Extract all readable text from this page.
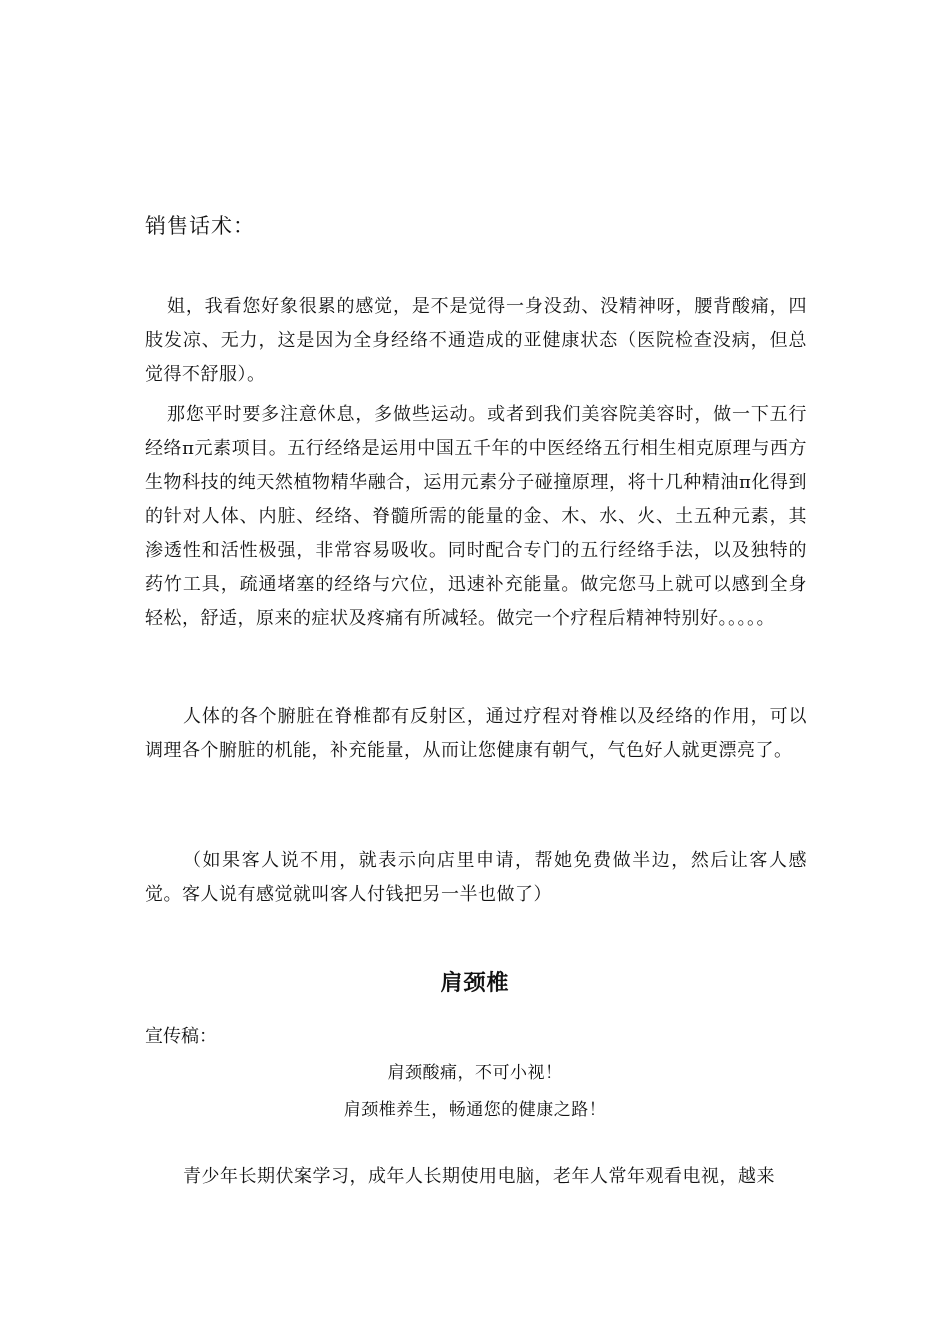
销售话术：

姐，我看您好象很累的感觉，是不是觉得一身没劲、没精神呀，腰背酸痛，四肢发凉、无力，这是因为全身经络不通造成的亚健康状态（医院检查没病，但总觉得不舒服）。

那您平时要多注意休息，多做些运动。或者到我们美容院美容时，做一下五行经络π元素项目。五行经络是运用中国五千年的中医经络五行相生相克原理与西方生物科技的纯天然植物精华融合，运用元素分子碰撞原理，将十几种精油π化得到的针对人体、内脏、经络、脊髓所需的能量的金、木、水、火、土五种元素，其渗透性和活性极强，非常容易吸收。同时配合专门的五行经络手法，以及独特的药竹工具，疏通堵塞的经络与穴位，迅速补充能量。做完您马上就可以感到全身轻松，舒适，原来的症状及疼痛有所减轻。做完一个疗程后精神特别好。。。。。

人体的各个腑脏在脊椎都有反射区，通过疗程对脊椎以及经络的作用，可以调理各个腑脏的机能，补充能量，从而让您健康有朝气，气色好人就更漂亮了。

（如果客人说不用，就表示向店里申请，帮她免费做半边，然后让客人感觉。客人说有感觉就叫客人付钱把另一半也做了）

肩颈椎

宣传稿：

肩颈酸痛，不可小视！

肩颈椎养生，畅通您的健康之路！

青少年长期伏案学习，成年人长期使用电脑，老年人常年观看电视，越来
